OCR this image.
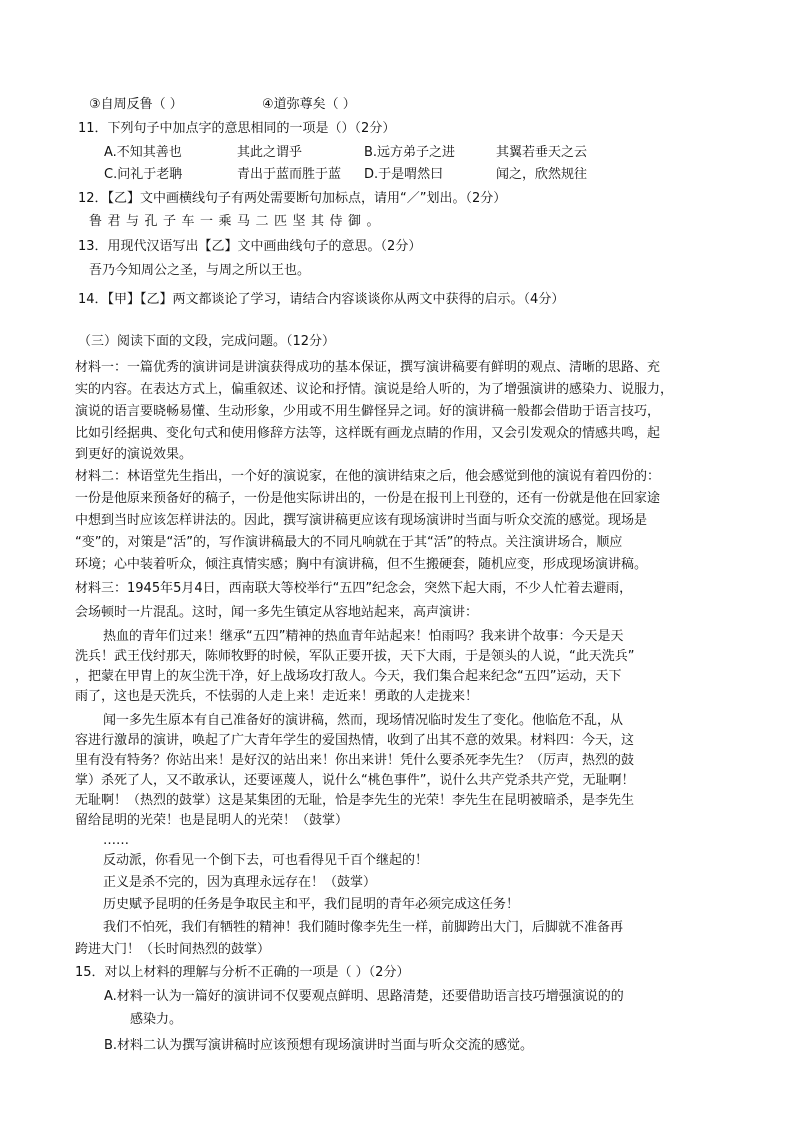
③自周反鲁（ ）	④道弥尊矣（ ）
11．下列句子中加点字的意思相同的一项是（）（2分）
A.不知其善也	其此之谓乎	B.远方弟子之进	其翼若垂天之云
C.问礼于老聃	青出于蓝而胜于蓝 D.于是喟然曰	闻之，欣然规往
12．【乙】文中画横线句子有两处需要断句加标点，请用“／”划出。（2分）
鲁君与孔子车一乘马二匹坚其侍御。
13．用现代汉语写出【乙】文中画曲线句子的意思。（2分）
吾乃今知周公之圣，与周之所以王也。
14．【甲】【乙】两文都谈论了学习，请结合内容谈谈你从两文中获得的启示。（4分）
（三）阅读下面的文段，完成问题。（12分）
材料一：一篇优秀的演讲词是讲演获得成功的基本保证，撰写演讲稿要有鲜明的观点、清晰的思路、充
实的内容。在表达方式上，偏重叙述、议论和抒情。演说是给人听的，为了增强演讲的感染力、说服力，
演说的语言要晓畅易懂、生动形象，少用或不用生僻怪异之词。好的演讲稿一般都会借助于语言技巧，
比如引经据典、变化句式和使用修辞方法等，这样既有画龙点睛的作用，又会引发观众的情感共鸣，起
到更好的演说效果。
材料二：林语堂先生指出，一个好的演说家，在他的演讲结束之后，他会感觉到他的演说有着四份的：
一份是他原来预备好的稿子，一份是他实际讲出的，一份是在报刊上刊登的，还有一份就是他在回家途
中想到当时应该怎样讲法的。因此，撰写演讲稿更应该有现场演讲时当面与听众交流的感觉。现场是
“变”的，对策是“活”的，写作演讲稿最大的不同凡响就在于其“活”的特点。关注演讲场合，顺应
环境；心中装着听众，倾注真情实感；胸中有演讲稿，但不生搬硬套，随机应变，形成现场演讲稿。
材料三：1945年5月4日，西南联大等校举行“五四”纪念会，突然下起大雨，不少人忙着去避雨，
会场顿时一片混乱。这时，闻一多先生镇定从容地站起来，高声演讲：
热血的青年们过来！继承“五四”精神的热血青年站起来！怕雨吗？我来讲个故事：今天是天
洗兵！武王伐纣那天，陈师牧野的时候，军队正要开拔，天下大雨，于是领头的人说，“此天洗兵”
，把蒙在甲胄上的灰尘洗干净，好上战场攻打敌人。今天，我们集合起来纪念“五四”运动，天下
雨了，这也是天洗兵，不怯弱的人走上来！走近来！勇敢的人走拢来！
闻一多先生原本有自己准备好的演讲稿，然而，现场情况临时发生了变化。他临危不乱，从
容进行激昂的演讲，唤起了广大青年学生的爱国热情，收到了出其不意的效果。材料四：今天，这
里有没有特务？你站出来！是好汉的站出来！你出来讲！凭什么要杀死李先生？（厉声，热烈的鼓
掌）杀死了人，又不敢承认，还要诬蔑人，说什么“桃色事件”，说什么共产党杀共产党，无耻啊！
无耻啊！（热烈的鼓掌）这是某集团的无耻，恰是李先生的光荣！李先生在昆明被暗杀，是李先生
留给昆明的光荣！也是昆明人的光荣！（鼓掌）
……
反动派，你看见一个倒下去，可也看得见千百个继起的！
正义是杀不完的，因为真理永远存在！（鼓掌）
历史赋予昆明的任务是争取民主和平，我们昆明的青年必须完成这任务！
我们不怕死，我们有牺牲的精神！我们随时像李先生一样，前脚跨出大门，后脚就不准备再
跨进大门！（长时间热烈的鼓掌）
15．对以上材料的理解与分析不正确的一项是（ ）（2分）
A.材料一认为一篇好的演讲词不仅要观点鲜明、思路清楚，还要借助语言技巧增强演说的的
感染力。
B.材料二认为撰写演讲稿时应该预想有现场演讲时当面与听众交流的感觉。
